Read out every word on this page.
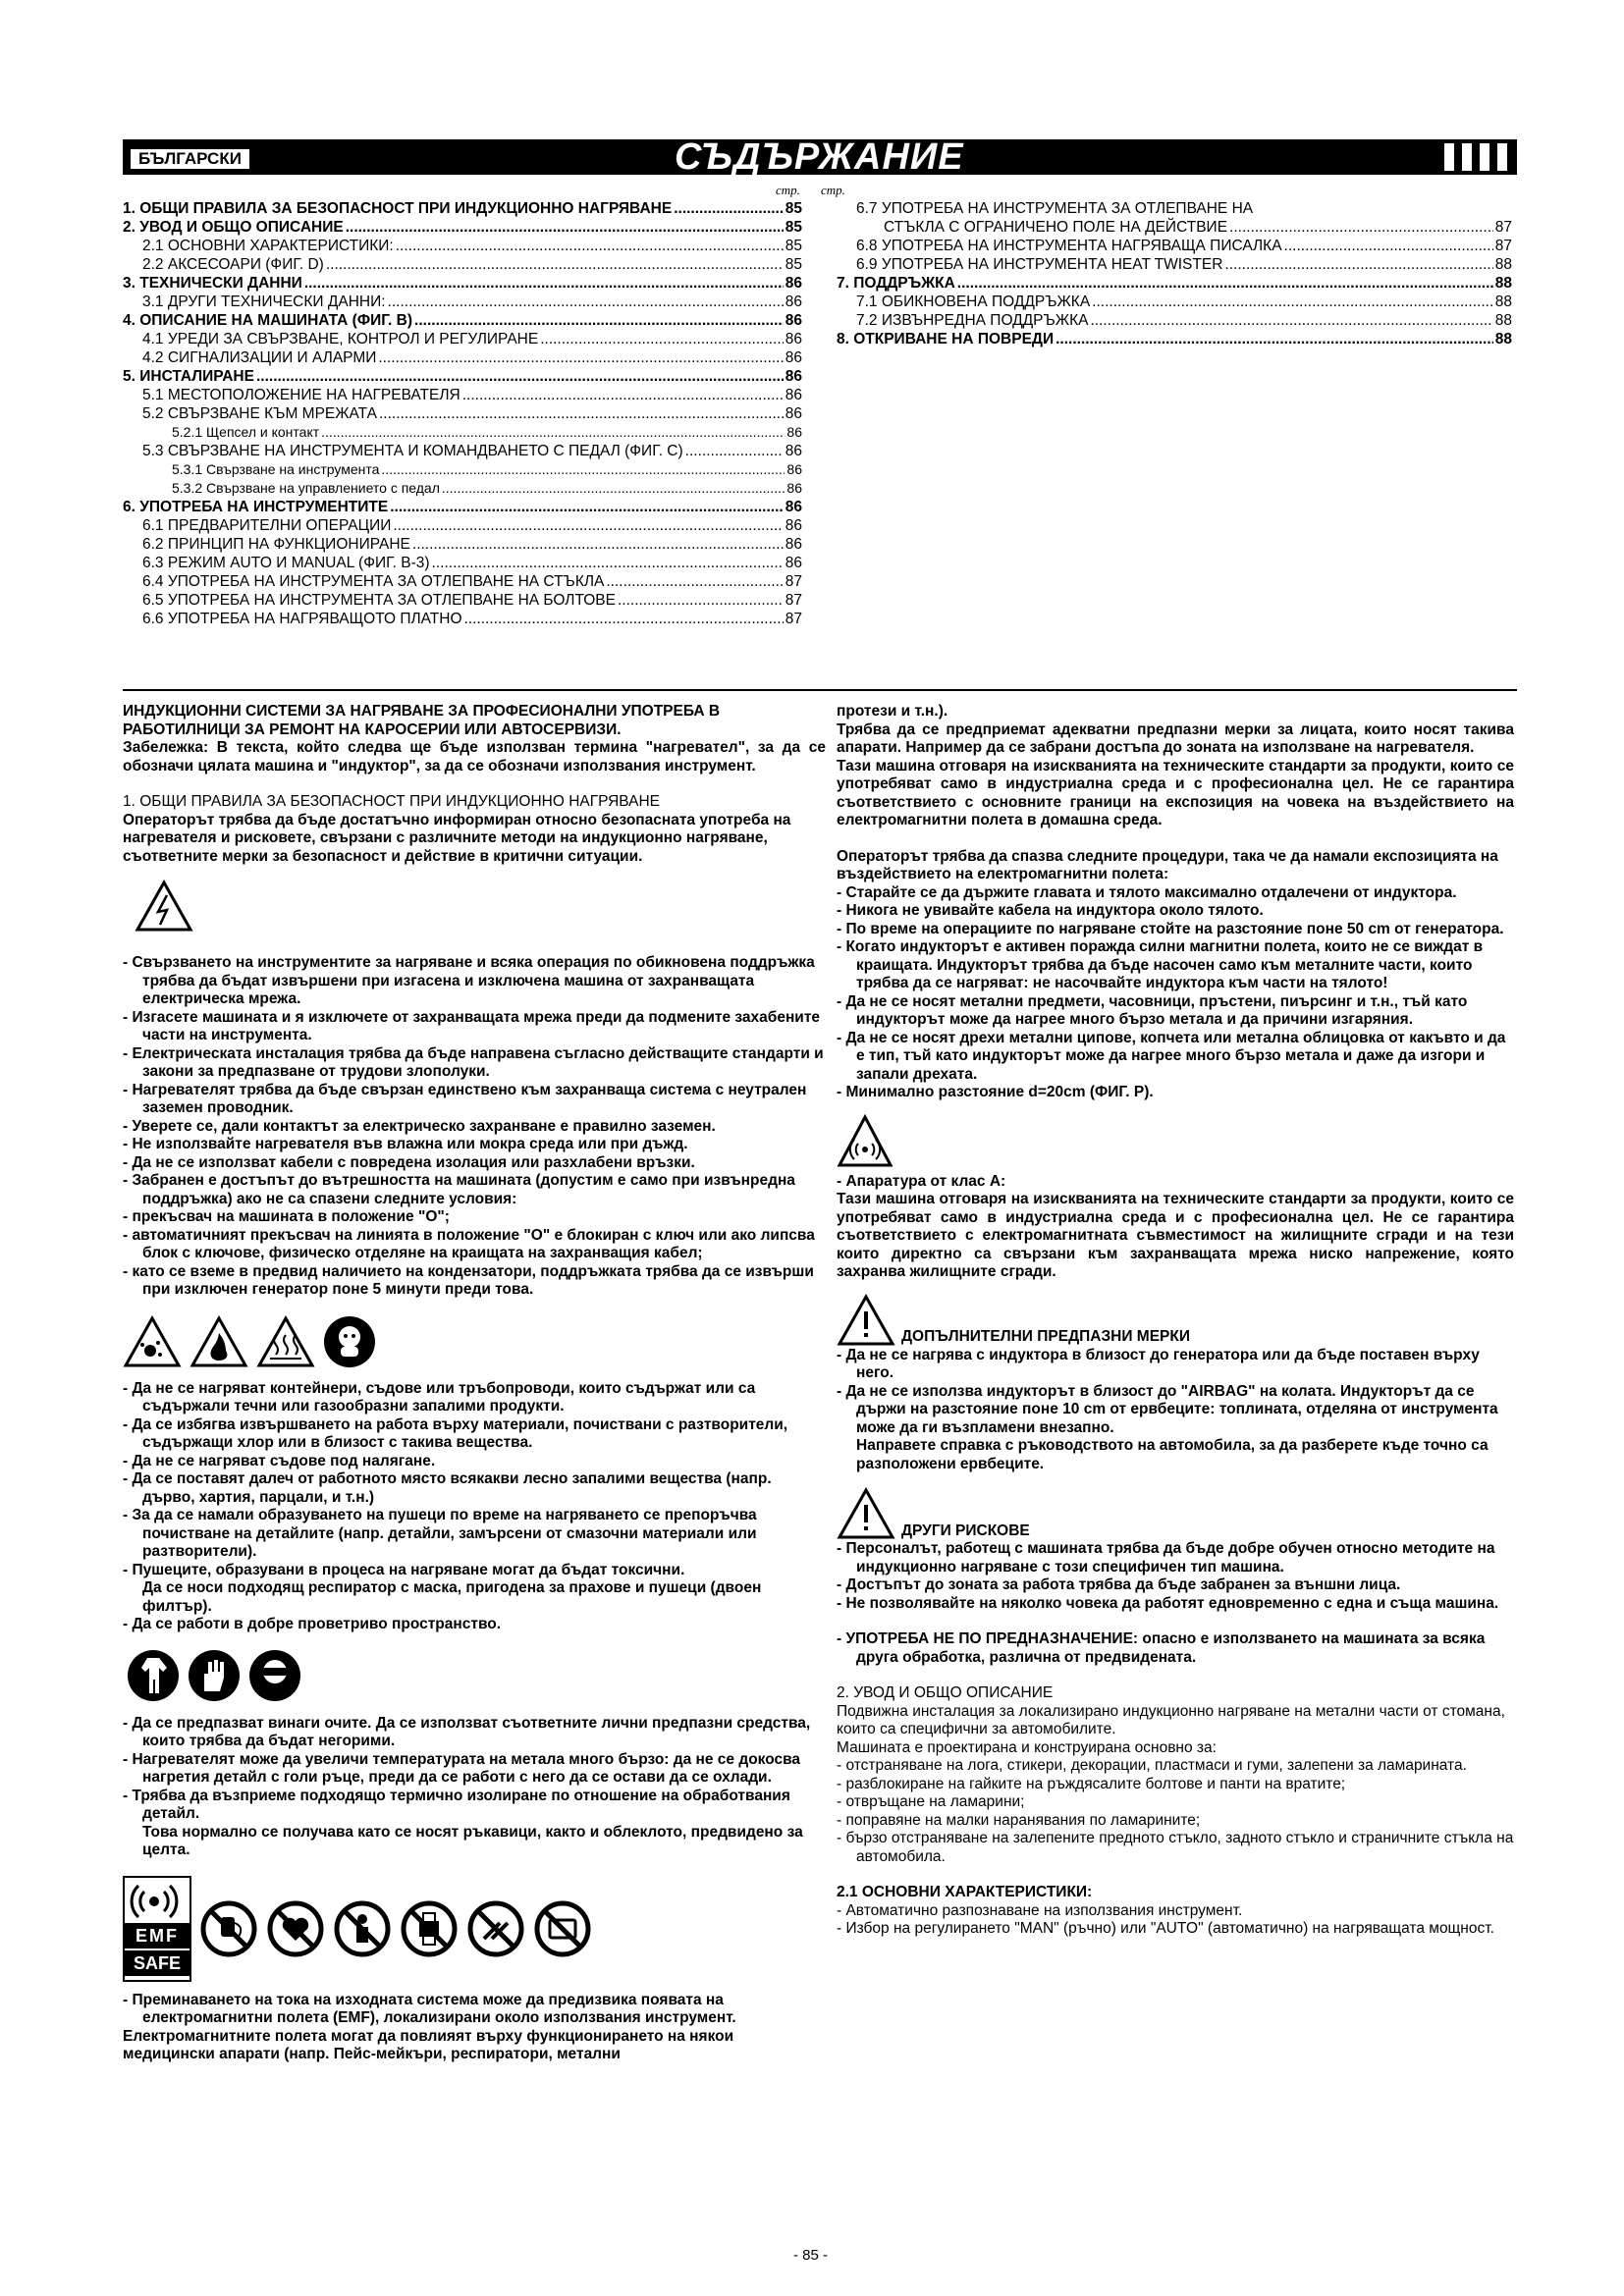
БЪЛГАРСКИ	СЪДЪРЖАНИЕ
стр. стр.
1. ОБЩИ ПРАВИЛА ЗА БЕЗОПАСНОСТ ПРИ ИНДУКЦИОННО НАГРЯВАНЕ .....	85
2. УВОД И ОБЩО ОПИСАНИЕ .....	85
2.1 ОСНОВНИ ХАРАКТЕРИСТИКИ: .....	85
2.2 АКСЕСОАРИ (ФИГ. D) .....	85
3. ТЕХНИЧЕСКИ ДАННИ .....	86
3.1 ДРУГИ ТЕХНИЧЕСКИ ДАННИ: .....	86
4. ОПИСАНИЕ НА МАШИНАТА (ФИГ. B) .....	86
4.1 УРЕДИ ЗА СВЪРЗВАНЕ, КОНТРОЛ И РЕГУЛИРАНЕ .....	86
4.2 СИГНАЛИЗАЦИИ И АЛАРМИ .....	86
5. ИНСТАЛИРАНЕ .....	86
5.1 МЕСТОПОЛОЖЕНИЕ НА НАГРЕВАТЕЛЯ .....	86
5.2 СВЪРЗВАНЕ КЪМ МРЕЖАТА .....	86
5.2.1 Щепсел и контакт .....	86
5.3 СВЪРЗВАНЕ НА ИНСТРУМЕНТА И КОМАНДВАНЕТО С ПЕДАЛ (ФИГ. C) .....	86
5.3.1 Свързване на инструмента .....	86
5.3.2 Свързване на управлението с педал .....	86
6. УПОТРЕБА НА ИНСТРУМЕНТИТЕ .....	86
6.1 ПРЕДВАРИТЕЛНИ ОПЕРАЦИИ .....	86
6.2 ПРИНЦИП НА ФУНКЦИОНИРАНЕ .....	86
6.3 РЕЖИМ AUTO И MANUAL (ФИГ. B-3) .....	86
6.4 УПОТРЕБА НА ИНСТРУМЕНТА ЗА ОТЛЕПВАНЕ НА СТЪКЛА .....	87
6.5 УПОТРЕБА НА ИНСТРУМЕНТА ЗА ОТЛЕПВАНЕ НА БОЛТОВЕ .....	87
6.6 УПОТРЕБА НА НАГРЯВАЩОТО ПЛАТНО .....	87
6.7 УПОТРЕБА НА ИНСТРУМЕНТА ЗА ОТЛЕПВАНЕ НА
СТЪКЛА С ОГРАНИЧЕНО ПОЛЕ НА ДЕЙСТВИЕ .....	87
6.8 УПОТРЕБА НА ИНСТРУМЕНТА НАГРЯВАЩА ПИСАЛКА .....	87
6.9 УПОТРЕБА НА ИНСТРУМЕНТА HEAT TWISTER .....	88
7. ПОДДРЪЖКА .....	88
7.1 ОБИКНОВЕНА ПОДДРЪЖКА .....	88
7.2 ИЗВЪНРЕДНА ПОДДРЪЖКА .....	88
8. ОТКРИВАНЕ НА ПОВРЕДИ .....	88

ИНДУКЦИОННИ СИСТЕМИ ЗА НАГРЯВАНЕ ЗА ПРОФЕСИОНАЛНИ УПОТРЕБА В РАБОТИЛНИЦИ ЗА РЕМОНТ НА КАРОСЕРИИ ИЛИ АВТОСЕРВИЗИ.

Забележка: В текста, който следва ще бъде използван термина "нагревател", за да се обозначи цялата машина и "индуктор", за да се обозначи използвания инструмент.

1. ОБЩИ ПРАВИЛА ЗА БЕЗОПАСНОСТ ПРИ ИНДУКЦИОННО НАГРЯВАНЕ

Операторът трябва да бъде достатъчно информиран относно безопасната употреба на нагревателя и рисковете, свързани с различните методи на индукционно нагряване, съответните мерки за безопасност и действие в критични ситуации.

- Свързването на инструментите за нагряване и всяка операция по обикновена поддръжка трябва да бъдат извършени при изгасена и изключена машина от захранващата електрическа мрежа.

- Изгасете машината и я изключете от захранващата мрежа преди да подмените захабените части на инструмента.

- Електрическата инсталация трябва да бъде направена съгласно действащите стандарти и закони за предпазване от трудови злополуки.

- Нагревателят трябва да бъде свързан единствено към захранваща система с неутрален заземен проводник.

- Уверете се, дали контактът за електрическо захранване е правилно заземен.

- Не използвайте нагревателя във влажна или мокра среда или при дъжд.

- Да не се използват кабели с повредена изолация или разхлабени връзки.

- Забранен е достъпът до вътрешността на машината (допустим е само при извънредна поддръжка) ако не са спазени следните условия:

- прекъсвач на машината в положение "O";

- автоматичният прекъсвач на линията в положение "O" е блокиран с ключ или ако липсва блок с ключове, физическо отделяне на краищата на захранващия кабел;

- като се вземе в предвид наличието на кондензатори, поддръжката трябва да се извърши при изключен генератор поне 5 минути преди това.

- Да не се нагряват контейнери, съдове или тръбопроводи, които съдържат или са съдържали течни или газообразни запалими продукти.

- Да се избягва извършването на работа върху материали, почиствани с разтворители, съдържащи хлор или в близост с такива вещества.

- Да не се нагряват съдове под налягане.

- Да се поставят далеч от работното място всякакви лесно запалими вещества (напр. дърво, хартия, парцали, и т.н.)

- За да се намали образуването на пушеци по време на нагряването се препоръчва почистване на детайлите (напр. детайли, замърсени от смазочни материали или разтворители).

- Пушеците, образувани в процеса на нагряване могат да бъдат токсични.

Да се носи подходящ респиратор с маска, пригодена за прахове и пушеци (двоен филтър).

- Да се работи в добре проветриво пространство.

- Да се предпазват винаги очите. Да се използват съответните лични предпазни средства, които трябва да бъдат негорими.

- Нагревателят може да увеличи температурата на метала много бързо: да не се докосва нагретия детайл с голи ръце, преди да се работи с него да се остави да се охлади.

- Трябва да възприеме подходящо термично изолиране по отношение на обработвания детайл.

Това нормално се получава като се носят ръкавици, както и облеклото, предвидено за целта.

EMF
SAFE

- Преминаването на тока на изходната система може да предизвика появата на електромагнитни полета (EMF), локализирани около използвания инструмент.

Електромагнитните полета могат да повлияят върху функционирането на някои медицински апарати (напр. Пейс-мейкъри, респиратори, метални

протези и т.н.).

Трябва да се предприемат адекватни предпазни мерки за лицата, които носят такива апарати. Например да се забрани достъпа до зоната на използване на нагревателя.

Тази машина отговаря на изискванията на техническите стандарти за продукти, които се употребяват само в индустриална среда и с професионална цел. Не се гарантира съответствието с основните граници на експозиция на човека на въздействието на електромагнитни полета в домашна среда.

Операторът трябва да спазва следните процедури, така че да намали експозицията на въздействието на електромагнитни полета:

- Старайте се да държите главата и тялото максимално отдалечени от индуктора.

- Никога не увивайте кабела на индуктора около тялото.

- По време на операциите по нагряване стойте на разстояние поне 50 cm от генератора.

- Когато индукторът е активен поражда силни магнитни полета, които не се виждат в краищата. Индукторът трябва да бъде насочен само към металните части, които трябва да се нагряват: не насочвайте индуктора към части на тялото!

- Да не се носят метални предмети, часовници, пръстени, пиърсинг и т.н., тъй като индукторът може да нагрее много бързо метала и да причини изгаряния.

- Да не се носят дрехи метални ципове, копчета или метална облицовка от какъвто и да е тип, тъй като индукторът може да нагрее много бързо метала и даже да изгори и запали дрехата.

- Минимално разстояние d=20cm (ФИГ. P).

- Апаратура от клас А:

Тази машина отговаря на изискванията на техническите стандарти за продукти, които се употребяват само в индустриална среда и с професионална цел. Не се гарантира съответствието с електромагнитната съвместимост на жилищните сгради и на тези които директно са свързани към захранващата мрежа ниско напрежение, която захранва жилищните сгради.

ДОПЪЛНИТЕЛНИ ПРЕДПАЗНИ МЕРКИ

- Да не се нагрява с индуктора в близост до генератора или да бъде поставен върху него.

- Да не се използва индукторът в близост до "AIRBAG" на колата. Индукторът да се държи на разстояние поне 10 cm от ервбеците: топлината, отделяна от инструмента може да ги възпламени внезапно.

Направете справка с ръководството на автомобила, за да разберете къде точно са разположени ервбеците.

ДРУГИ РИСКОВЕ

- Персоналът, работещ с машината трябва да бъде добре обучен относно методите на индукционно нагряване с този специфичен тип машина.

- Достъпът до зоната за работа трябва да бъде забранен за външни лица.

- Не позволявайте на няколко човека да работят едновременно с една и съща машина.

- УПОТРЕБА НЕ ПО ПРЕДНАЗНАЧЕНИЕ: опасно е използването на машината за всяка друга обработка, различна от предвидената.

2. УВОД И ОБЩО ОПИСАНИЕ

Подвижна инсталация за локализирано индукционно нагряване на метални части от стомана, които са специфични за автомобилите.

Машината е проектирана и конструирана основно за:

- отстраняване на лога, стикери, декорации, пластмаси и гуми, залепени за ламарината.

- разблокиране на гайките на ръждясалите болтове и панти на вратите;

- отвръщане на ламарини;

- поправяне на малки наранявания по ламарините;

- бързо отстраняване на залепените предното стъкло, задното стъкло и страничните стъкла на автомобила.

2.1 ОСНОВНИ ХАРАКТЕРИСТИКИ:

- Автоматично разпознаване на използвания инструмент.

- Избор на регулирането "MAN" (ръчно) или "AUTO" (автоматично) на нагряващата мощност.

- 85 -
